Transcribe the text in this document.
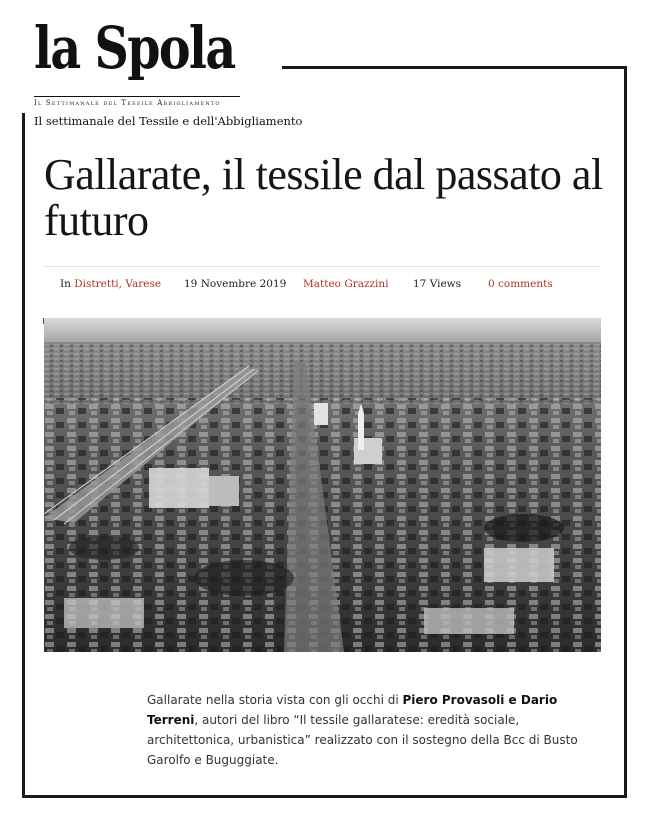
la Spola
Il Settimanale del Tessile Abbigliamento
Il settimanale del Tessile e dell'Abbigliamento
Gallarate, il tessile dal passato al futuro
In Distretti, Varese 19 Novembre 2019 Matteo Grazzini 17 Views	0 comments

Gallarate nella storia vista con gli occhi di Piero Provasoli e Dario Terreni, autori del libro “Il tessile gallaratese: eredità sociale, architettonica, urbanistica” realizzato con il sostegno della Bcc di Busto Garolfo e Buguggiate.
